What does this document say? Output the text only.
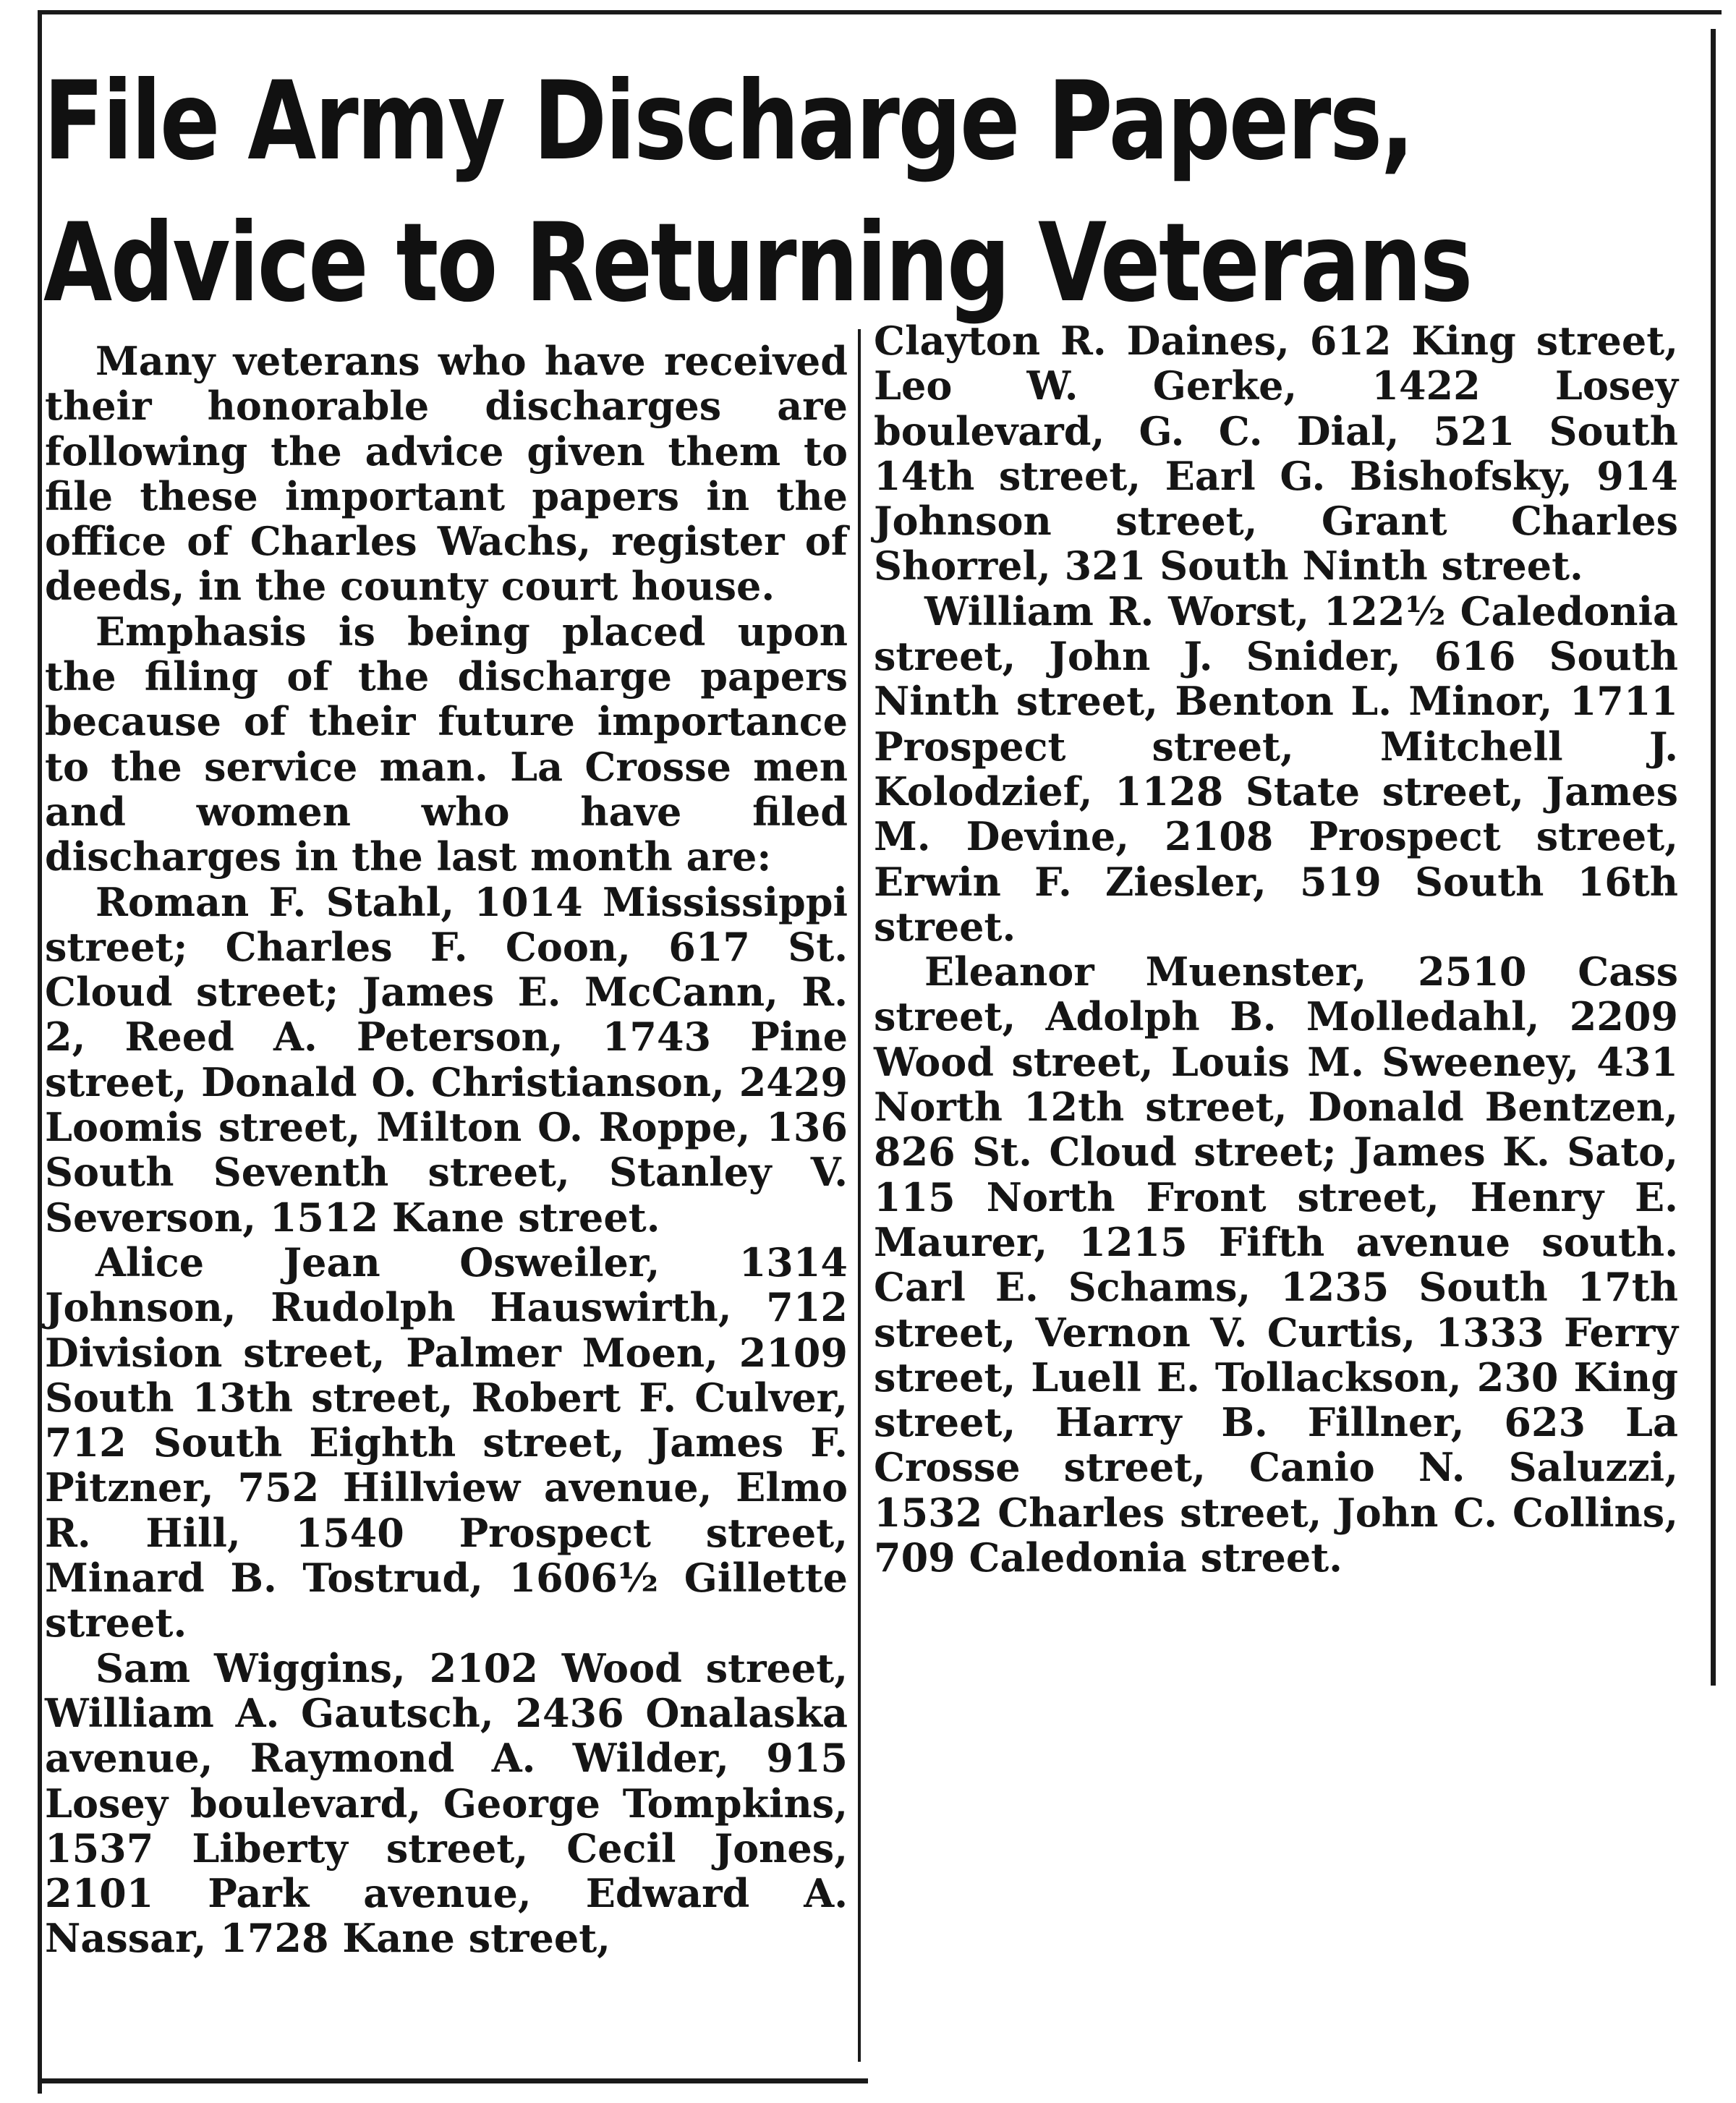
File Army Discharge Papers,
Advice to Returning Veterans

Many veterans who have received their honorable discharges are following the advice given them to file these important papers in the office of Charles Wachs, register of deeds, in the county court house.

Emphasis is being placed upon the filing of the discharge papers because of their future importance to the service man. La Crosse men and women who have filed discharges in the last month are:

Roman F. Stahl, 1014 Mississippi street; Charles F. Coon, 617 St. Cloud street; James E. McCann, R. 2, Reed A. Peterson, 1743 Pine street, Donald O. Christianson, 2429 Loomis street, Milton O. Roppe, 136 South Seventh street, Stanley V. Severson, 1512 Kane street.

Alice Jean Osweiler, 1314 Johnson, Rudolph Hauswirth, 712 Division street, Palmer Moen, 2109 South 13th street, Robert F. Culver, 712 South Eighth street, James F. Pitzner, 752 Hillview avenue, Elmo R. Hill, 1540 Prospect street, Minard B. Tostrud, 1606½ Gillette street.

Sam Wiggins, 2102 Wood street, William A. Gautsch, 2436 Onalaska avenue, Raymond A. Wilder, 915 Losey boulevard, George Tompkins, 1537 Liberty street, Cecil Jones, 2101 Park avenue, Edward A. Nassar, 1728 Kane street,

Clayton R. Daines, 612 King street, Leo W. Gerke, 1422 Losey boulevard, G. C. Dial, 521 South 14th street, Earl G. Bishofsky, 914 Johnson street, Grant Charles Shorrel, 321 South Ninth street.

William R. Worst, 122½ Caledonia street, John J. Snider, 616 South Ninth street, Benton L. Minor, 1711 Prospect street, Mitchell J. Kolodzief, 1128 State street, James M. Devine, 2108 Prospect street, Erwin F. Ziesler, 519 South 16th street.

Eleanor Muenster, 2510 Cass street, Adolph B. Molledahl, 2209 Wood street, Louis M. Sweeney, 431 North 12th street, Donald Bentzen, 826 St. Cloud street; James K. Sato, 115 North Front street, Henry E. Maurer, 1215 Fifth avenue south. Carl E. Schams, 1235 South 17th street, Vernon V. Curtis, 1333 Ferry street, Luell E. Tollackson, 230 King street, Harry B. Fillner, 623 La Crosse street, Canio N. Saluzzi, 1532 Charles street, John C. Collins, 709 Caledonia street.
